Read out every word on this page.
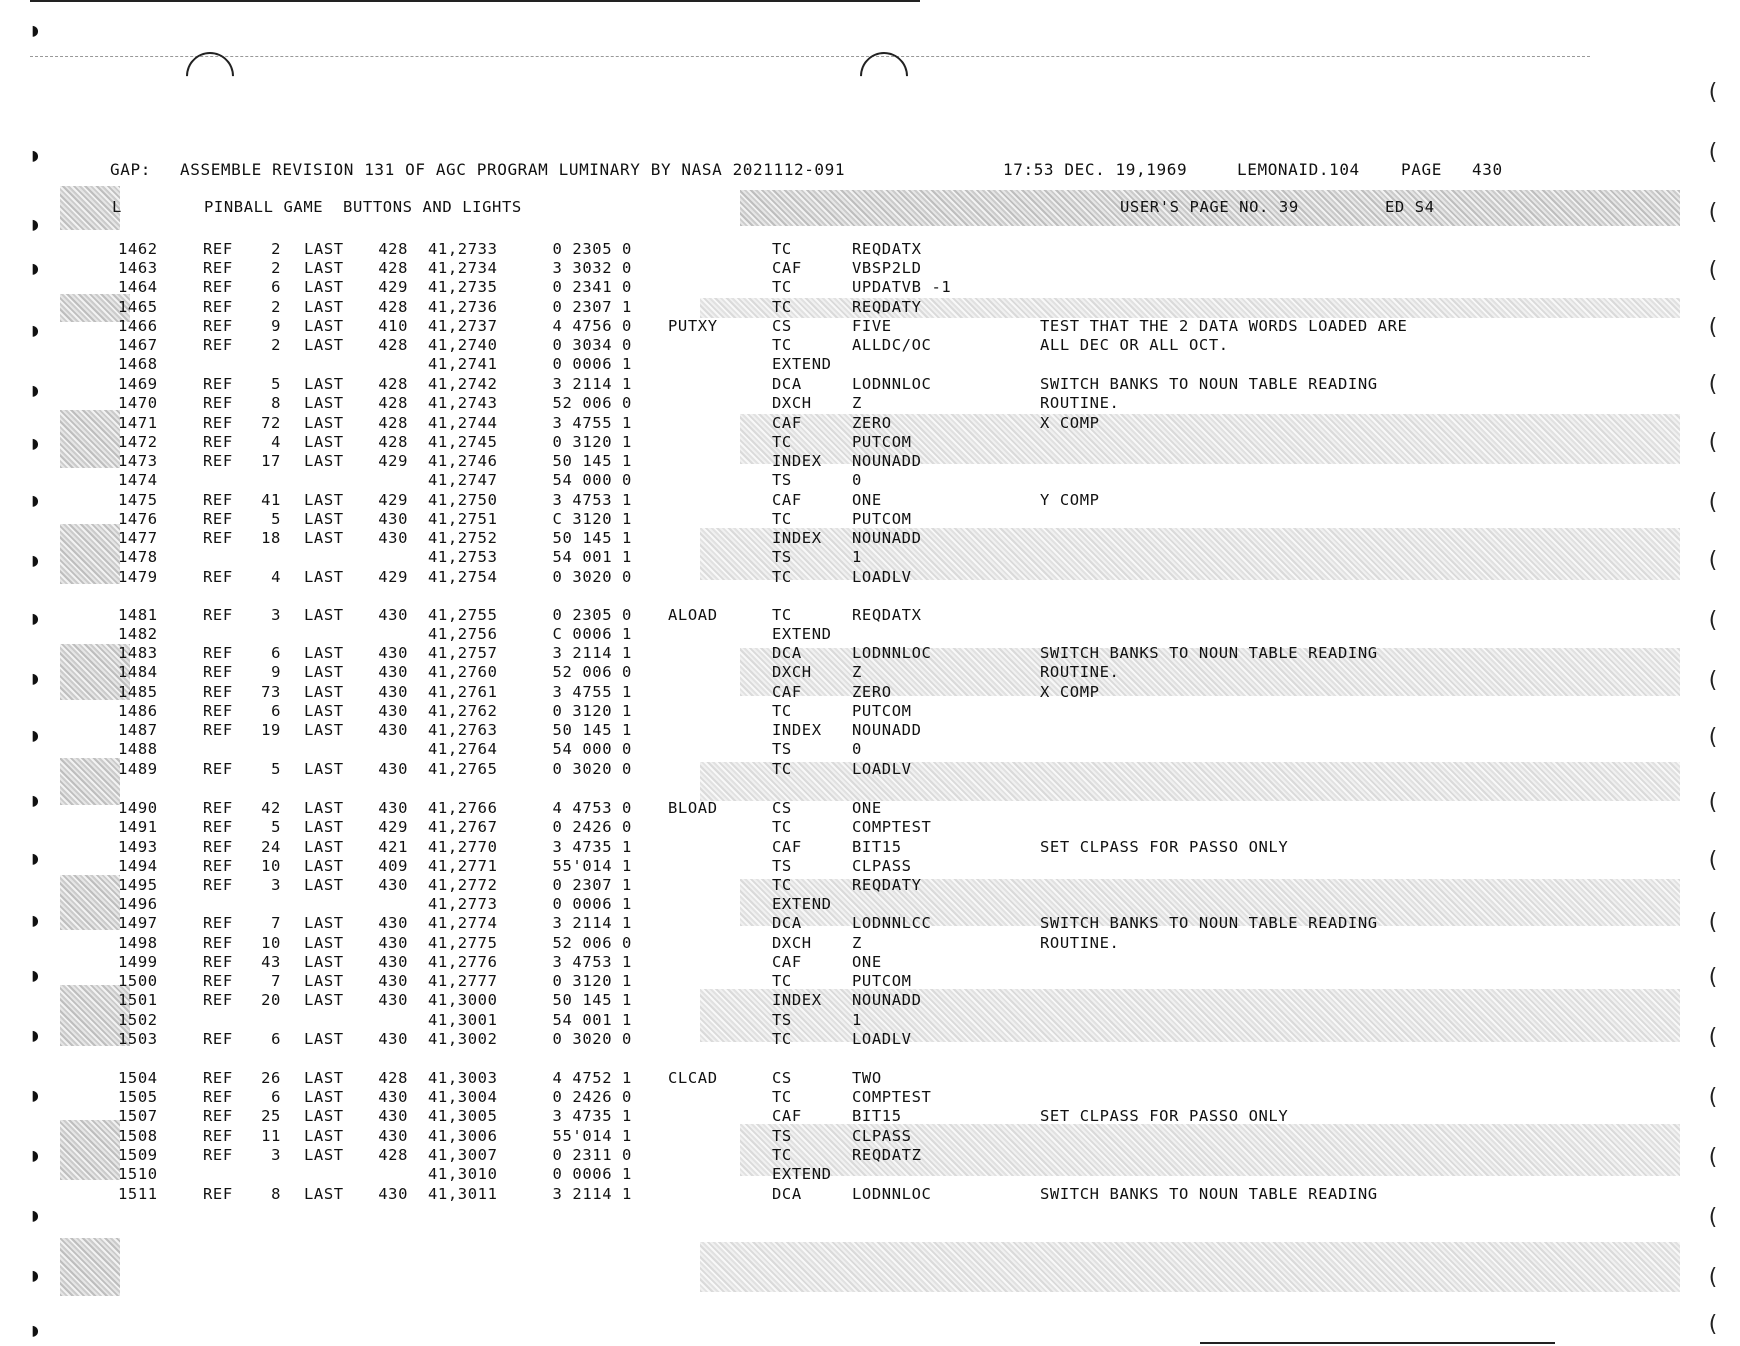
◗
◗
◗
◗
◗
◗
◗
◗
◗
◗
◗
◗
◗
◗
◗
◗
◗
◗
◗
◗
◗
◗
(
(
(
(
(
(
(
(
(
(
(
(
(
(
(
(
(
(
(
(
(
(
GAP: ASSEMBLE REVISION 131 OF AGC PROGRAM LUMINARY BY NASA 2021112-091	17:53 DEC. 19,1969	LEMONAID.104	PAGE 430
L	PINBALL GAME  BUTTONS AND LIGHTS	USER'S PAGE NO. 39	ED S4
1462	REF 2 LAST 428 41,2733	0 2305 0	TC	REQDATX
1463	REF 2 LAST 428 41,2734	3 3032 0	CAF	VBSP2LD
1464	REF 6 LAST 429 41,2735	0 2341 0	TC	UPDATVB -1
1465	REF 2 LAST 428 41,2736	0 2307 1	TC	REQDATY
1466	REF 9 LAST 410 41,2737	4 4756 0 PUTXY	CS	FIVE	TEST THAT THE 2 DATA WORDS LOADED ARE
1467	REF 2 LAST 428 41,2740	0 3034 0	TC	ALLDC/OC	ALL DEC OR ALL OCT.
1468	41,2741	0 0006 1	EXTEND
1469	REF 5 LAST 428 41,2742	3 2114 1	DCA	LODNNLOC	SWITCH BANKS TO NOUN TABLE READING
1470	REF 8 LAST 428 41,2743	52 006 0	DXCH	Z	ROUTINE.
1471	REF 72 LAST 428 41,2744	3 4755 1	CAF	ZERO	X COMP
1472	REF 4 LAST 428 41,2745	0 3120 1	TC	PUTCOM
1473	REF 17 LAST 429 41,2746	50 145 1	INDEX NOUNADD
1474	41,2747	54 000 0	TS	0
1475	REF 41 LAST 429 41,2750	3 4753 1	CAF	ONE	Y COMP
1476	REF 5 LAST 430 41,2751	C 3120 1	TC	PUTCOM
1477	REF 18 LAST 430 41,2752	50 145 1	INDEX NOUNADD
1478	41,2753	54 001 1	TS	1
1479	REF 4 LAST 429 41,2754	0 3020 0	TC	LOADLV
1481	REF 3 LAST 430 41,2755	0 2305 0 ALOAD	TC	REQDATX
1482	41,2756	C 0006 1	EXTEND
1483	REF 6 LAST 430 41,2757	3 2114 1	DCA	LODNNLOC	SWITCH BANKS TO NOUN TABLE READING
1484	REF 9 LAST 430 41,2760	52 006 0	DXCH	Z	ROUTINE.
1485	REF 73 LAST 430 41,2761	3 4755 1	CAF	ZERO	X COMP
1486	REF 6 LAST 430 41,2762	0 3120 1	TC	PUTCOM
1487	REF 19 LAST 430 41,2763	50 145 1	INDEX NOUNADD
1488	41,2764	54 000 0	TS	0
1489	REF 5 LAST 430 41,2765	0 3020 0	TC	LOADLV
1490	REF 42 LAST 430 41,2766	4 4753 0 BLOAD	CS	ONE
1491	REF 5 LAST 429 41,2767	0 2426 0	TC	COMPTEST
1493	REF 24 LAST 421 41,2770	3 4735 1	CAF	BIT15	SET CLPASS FOR PASSO ONLY
1494	REF 10 LAST 409 41,2771	55'014 1	TS	CLPASS
1495	REF 3 LAST 430 41,2772	0 2307 1	TC	REQDATY
1496	41,2773	0 0006 1	EXTEND
1497	REF 7 LAST 430 41,2774	3 2114 1	DCA	LODNNLCC	SWITCH BANKS TO NOUN TABLE READING
1498	REF 10 LAST 430 41,2775	52 006 0	DXCH	Z	ROUTINE.
1499	REF 43 LAST 430 41,2776	3 4753 1	CAF	ONE
1500	REF 7 LAST 430 41,2777	0 3120 1	TC	PUTCOM
1501	REF 20 LAST 430 41,3000	50 145 1	INDEX NOUNADD
1502	41,3001	54 001 1	TS	1
1503	REF 6 LAST 430 41,3002	0 3020 0	TC	LOADLV
1504	REF 26 LAST 428 41,3003	4 4752 1 CLCAD	CS	TWO
1505	REF 6 LAST 430 41,3004	0 2426 0	TC	COMPTEST
1507	REF 25 LAST 430 41,3005	3 4735 1	CAF	BIT15	SET CLPASS FOR PASSO ONLY
1508	REF 11 LAST 430 41,3006	55'014 1	TS	CLPASS
1509	REF 3 LAST 428 41,3007	0 2311 0	TC	REQDATZ
1510	41,3010	0 0006 1	EXTEND
1511	REF 8 LAST 430 41,3011	3 2114 1	DCA	LODNNLOC	SWITCH BANKS TO NOUN TABLE READING
